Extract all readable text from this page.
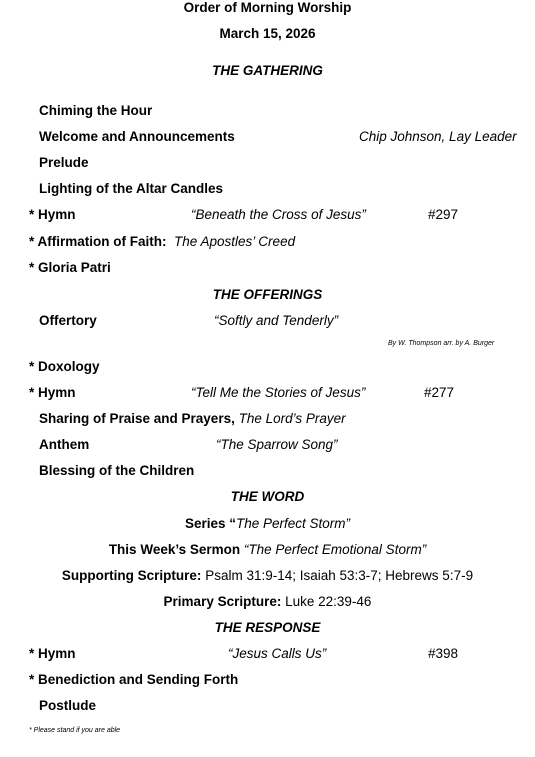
Order of Morning Worship
March 15, 2026
THE GATHERING
Chiming the Hour
Welcome and Announcements	Chip Johnson, Lay Leader
Prelude
Lighting of the Altar Candles
* Hymn	“Beneath the Cross of Jesus”	#297
* Affirmation of Faith: The Apostles’ Creed
* Gloria Patri
THE OFFERINGS
Offertory	“Softly and Tenderly”
By W. Thompson arr. by A. Burger
* Doxology
* Hymn	“Tell Me the Stories of Jesus”	#277
Sharing of Praise and Prayers, The Lord’s Prayer
Anthem	“The Sparrow Song”
Blessing of the Children
THE WORD
Series “The Perfect Storm”
This Week’s Sermon “The Perfect Emotional Storm”
Supporting Scripture: Psalm 31:9-14; Isaiah 53:3-7; Hebrews 5:7-9
Primary Scripture: Luke 22:39-46
THE RESPONSE
* Hymn	“Jesus Calls Us”	#398
* Benediction and Sending Forth
Postlude
* Please stand if you are able
